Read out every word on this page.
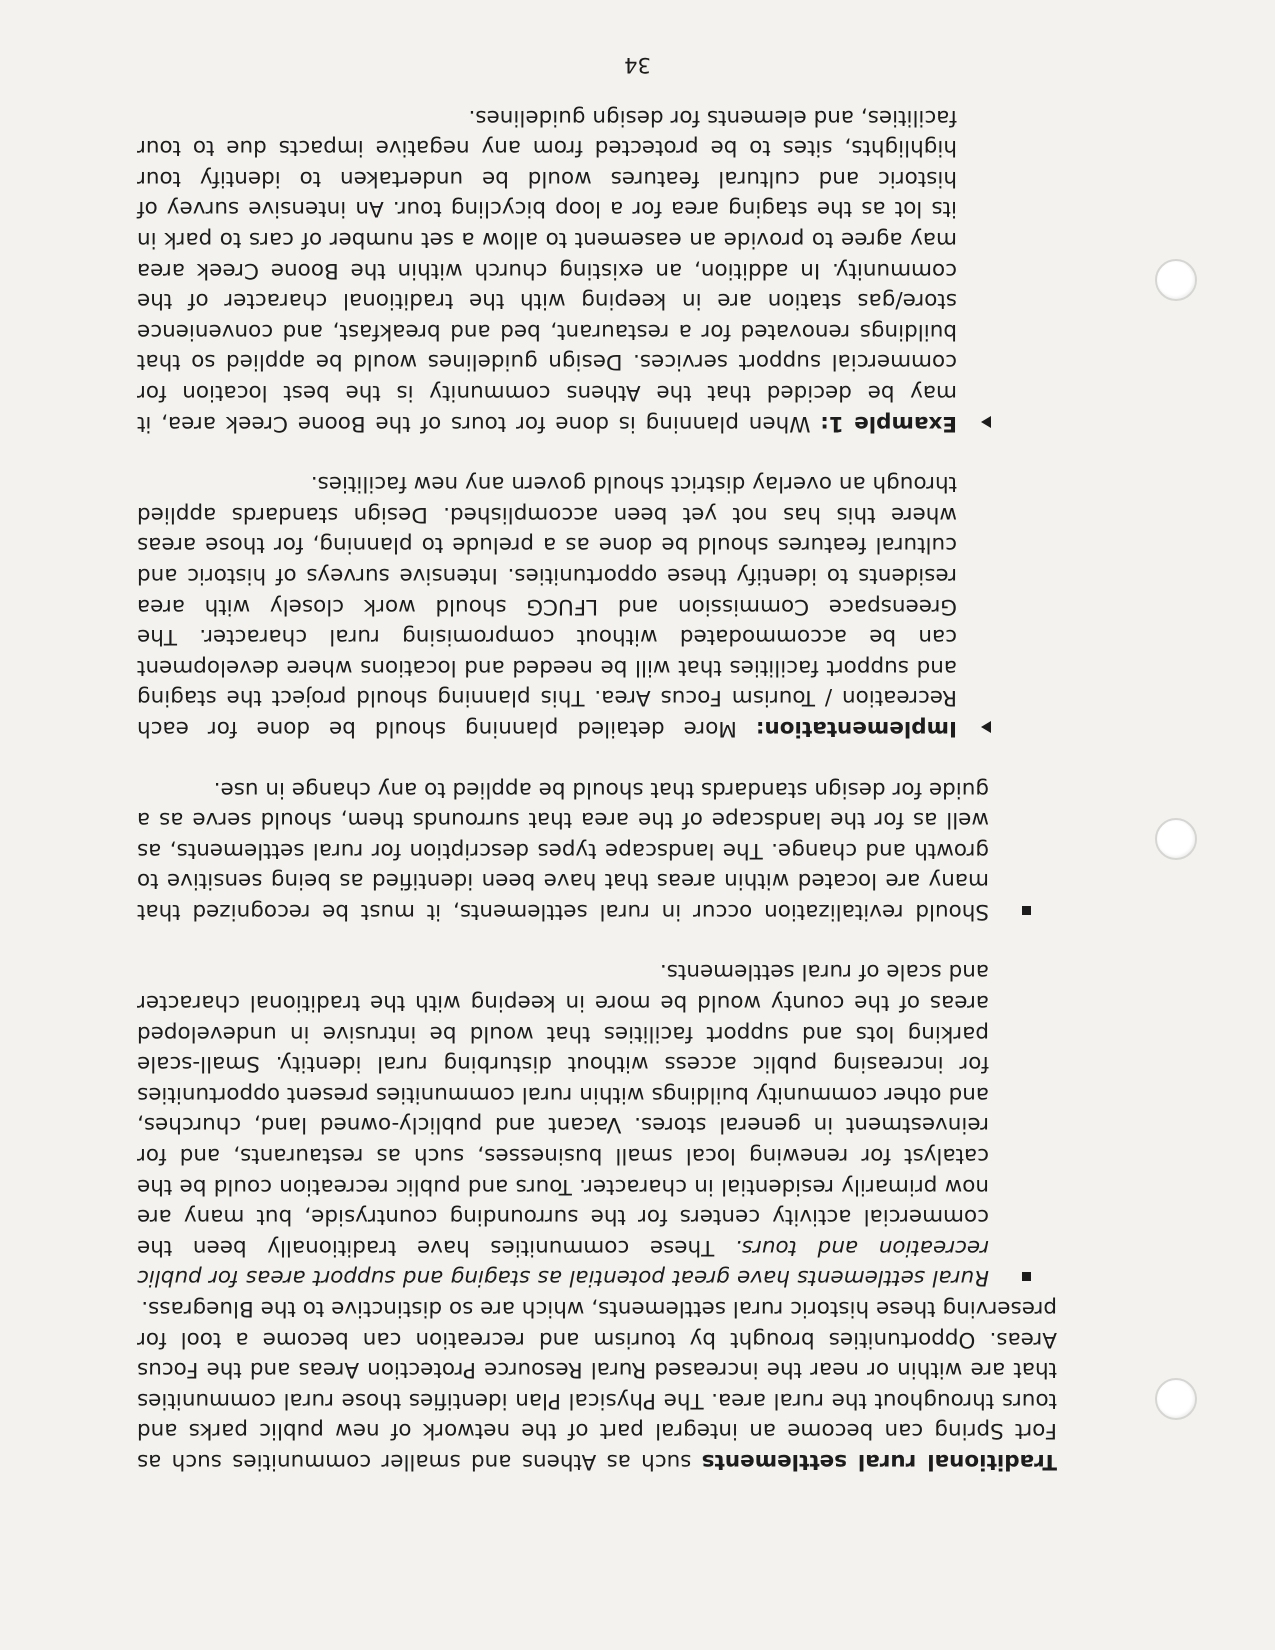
Traditional rural settlements such as Athens and smaller communities such as Fort Spring can become an integral part of the network of new public parks and tours throughout the rural area. The Physical Plan identifies those rural communities that are within or near the increased Rural Resource Protection Areas and the Focus Areas. Opportunities brought by tourism and recreation can become a tool for preserving these historic rural settlements, which are so distinctive to the Bluegrass.

Rural settlements have great potential as staging and support areas for public recreation and tours. These communities have traditionally been the commercial activity centers for the surrounding countryside, but many are now primarily residential in character. Tours and public recreation could be the catalyst for renewing local small businesses, such as restaurants, and for reinvestment in general stores. Vacant and publicly-owned land, churches, and other community buildings within rural communities present opportunities for increasing public access without disturbing rural identity. Small-scale parking lots and support facilities that would be intrusive in undeveloped areas of the county would be more in keeping with the traditional character and scale of rural settlements.

Should revitalization occur in rural settlements, it must be recognized that many are located within areas that have been identified as being sensitive to growth and change. The landscape types description for rural settlements, as well as for the landscape of the area that surrounds them, should serve as a guide for design standards that should be applied to any change in use.

Implementation: More detailed planning should be done for each Recreation / Tourism Focus Area. This planning should project the staging and support facilities that will be needed and locations where development can be accommodated without compromising rural character. The Greenspace Commission and LFUCG should work closely with area residents to identify these opportunities. Intensive surveys of historic and cultural features should be done as a prelude to planning, for those areas where this has not yet been accomplished. Design standards applied through an overlay district should govern any new facilities.

Example 1: When planning is done for tours of the Boone Creek area, it may be decided that the Athens community is the best location for commercial support services. Design guidelines would be applied so that buildings renovated for a restaurant, bed and breakfast, and convenience store/gas station are in keeping with the traditional character of the community. In addition, an existing church within the Boone Creek area may agree to provide an easement to allow a set number of cars to park in its lot as the staging area for a loop bicycling tour. An intensive survey of historic and cultural features would be undertaken to identify tour highlights, sites to be protected from any negative impacts due to tour facilities, and elements for design guidelines.

34
